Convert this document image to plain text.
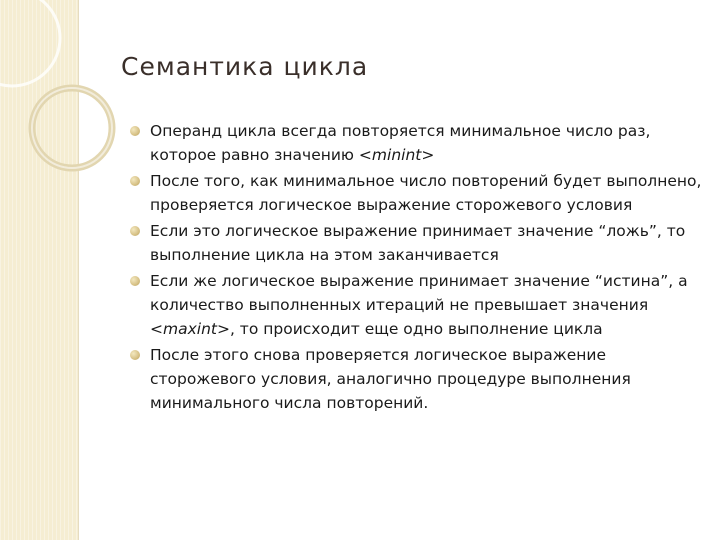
Семантика цикла
Операнд цикла всегда повторяется минимальное число раз, которое равно значению <minint>
После того, как минимальное число повторений будет выполнено, проверяется логическое выражение сторожевого условия
Если это логическое выражение принимает значение “ложь”, то выполнение цикла на этом заканчивается
Если же логическое выражение принимает значение “истина”, а количество выполненных итераций не превышает значения <maxint>, то происходит еще одно выполнение цикла
После этого снова проверяется логическое выражение сторожевого условия, аналогично процедуре выполнения минимального числа повторений.
